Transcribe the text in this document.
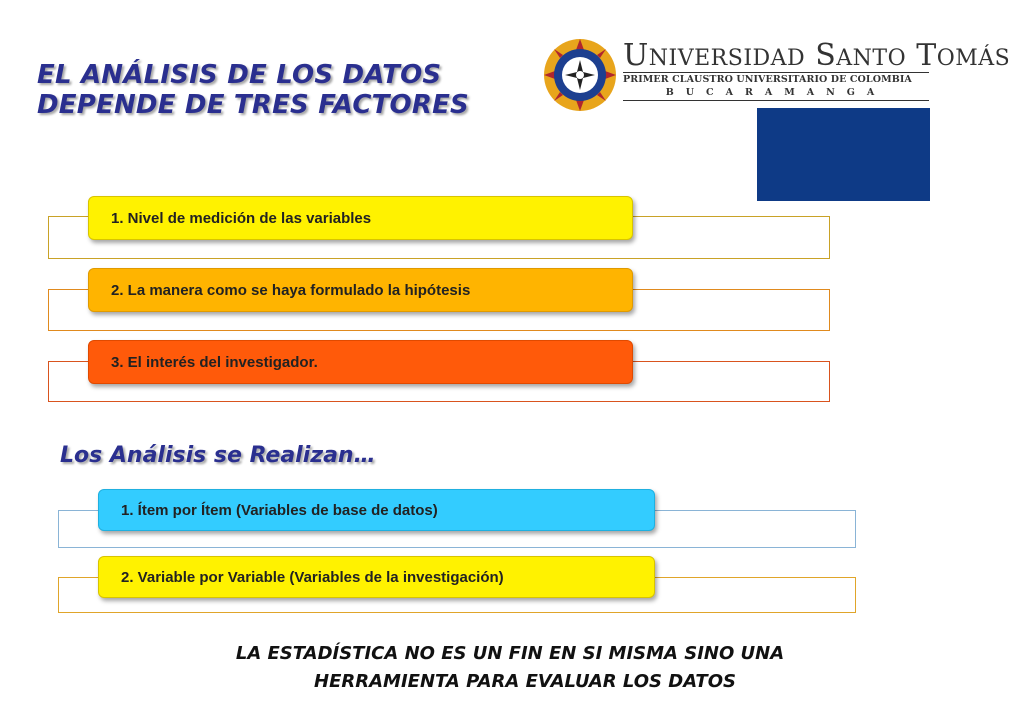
EL ANÁLISIS DE LOS DATOS
DEPENDE DE TRES FACTORES
UNIVERSIDAD SANTO TOMÁS
PRIMER CLAUSTRO UNIVERSITARIO DE COLOMBIA
BUCARAMANGA
1. Nivel de medición de las variables
2. La manera como se haya formulado la hipótesis
3. El interés del investigador.
Los Análisis se Realizan…
1. Ítem por Ítem (Variables de base de datos)
2. Variable por Variable (Variables de la investigación)
LA ESTADÍSTICA NO ES UN FIN EN SI MISMA SINO UNA
HERRAMIENTA PARA EVALUAR LOS DATOS
